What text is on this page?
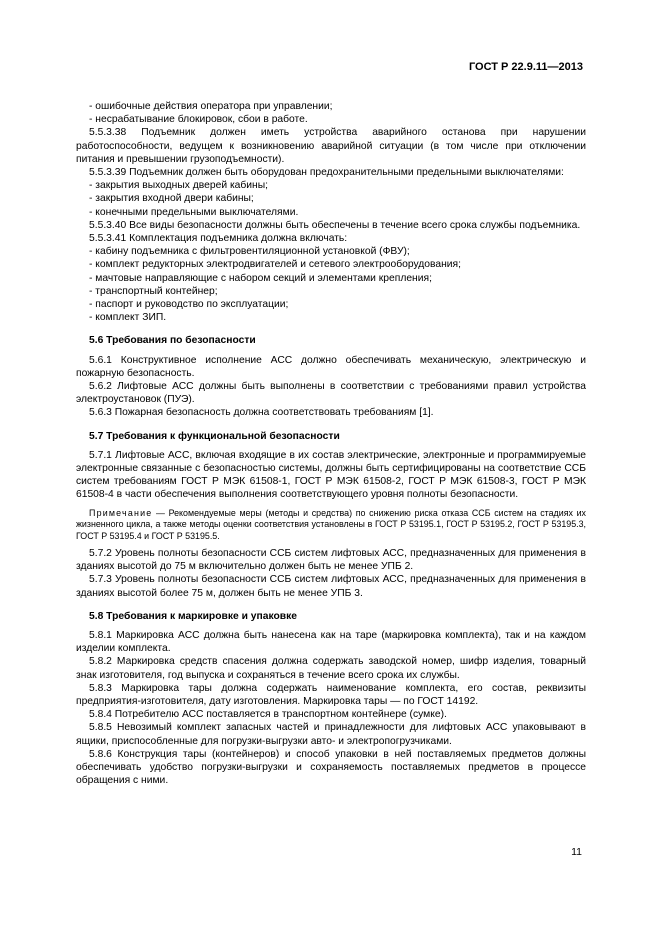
ГОСТ Р 22.9.11—2013
- ошибочные действия оператора при управлении;
- несрабатывание блокировок, сбои в работе.
5.5.3.38 Подъемник должен иметь устройства аварийного останова при нарушении работоспособности, ведущем к возникновению аварийной ситуации (в том числе при отключении питания и превышении грузоподъемности).
5.5.3.39 Подъемник должен быть оборудован предохранительными предельными выключателями:
- закрытия выходных дверей кабины;
- закрытия входной двери кабины;
- конечными предельными выключателями.
5.5.3.40 Все виды безопасности должны быть обеспечены в течение всего срока службы подъемника.
5.5.3.41 Комплектация подъемника должна включать:
- кабину подъемника с фильтровентиляционной установкой (ФВУ);
- комплект редукторных электродвигателей и сетевого электрооборудования;
- мачтовые направляющие с набором секций и элементами крепления;
- транспортный контейнер;
- паспорт и руководство по эксплуатации;
- комплект ЗИП.
5.6 Требования по безопасности
5.6.1 Конструктивное исполнение АСС должно обеспечивать механическую, электрическую и пожарную безопасность.
5.6.2 Лифтовые АСС должны быть выполнены в соответствии с требованиями правил устройства электроустановок (ПУЭ).
5.6.3 Пожарная безопасность должна соответствовать требованиям [1].
5.7 Требования к функциональной безопасности
5.7.1 Лифтовые АСС, включая входящие в их состав электрические, электронные и программируемые электронные связанные с безопасностью системы, должны быть сертифицированы на соответствие ССБ систем требованиям ГОСТ Р МЭК 61508-1, ГОСТ Р МЭК 61508-2, ГОСТ Р МЭК 61508-3, ГОСТ Р МЭК 61508-4 в части обеспечения выполнения соответствующего уровня полноты безопасности.
Примечание — Рекомендуемые меры (методы и средства) по снижению риска отказа ССБ систем на стадиях их жизненного цикла, а также методы оценки соответствия установлены в ГОСТ Р 53195.1, ГОСТ Р 53195.2, ГОСТ Р 53195.3, ГОСТ Р 53195.4 и ГОСТ Р 53195.5.
5.7.2 Уровень полноты безопасности ССБ систем лифтовых АСС, предназначенных для применения в зданиях высотой до 75 м включительно должен быть не менее УПБ 2.
5.7.3 Уровень полноты безопасности ССБ систем лифтовых АСС, предназначенных для применения в зданиях высотой более 75 м, должен быть не менее УПБ 3.
5.8 Требования к маркировке и упаковке
5.8.1 Маркировка АСС должна быть нанесена как на таре (маркировка комплекта), так и на каждом изделии комплекта.
5.8.2 Маркировка средств спасения должна содержать заводской номер, шифр изделия, товарный знак изготовителя, год выпуска и сохраняться в течение всего срока их службы.
5.8.3 Маркировка тары должна содержать наименование комплекта, его состав, реквизиты предприятия-изготовителя, дату изготовления. Маркировка тары — по ГОСТ 14192.
5.8.4 Потребителю АСС поставляется в транспортном контейнере (сумке).
5.8.5 Невозимый комплект запасных частей и принадлежности для лифтовых АСС упаковывают в ящики, приспособленные для погрузки-выгрузки авто- и электропогрузчиками.
5.8.6 Конструкция тары (контейнеров) и способ упаковки в ней поставляемых предметов должны обеспечивать удобство погрузки-выгрузки и сохраняемость поставляемых предметов в процессе обращения с ними.
11
